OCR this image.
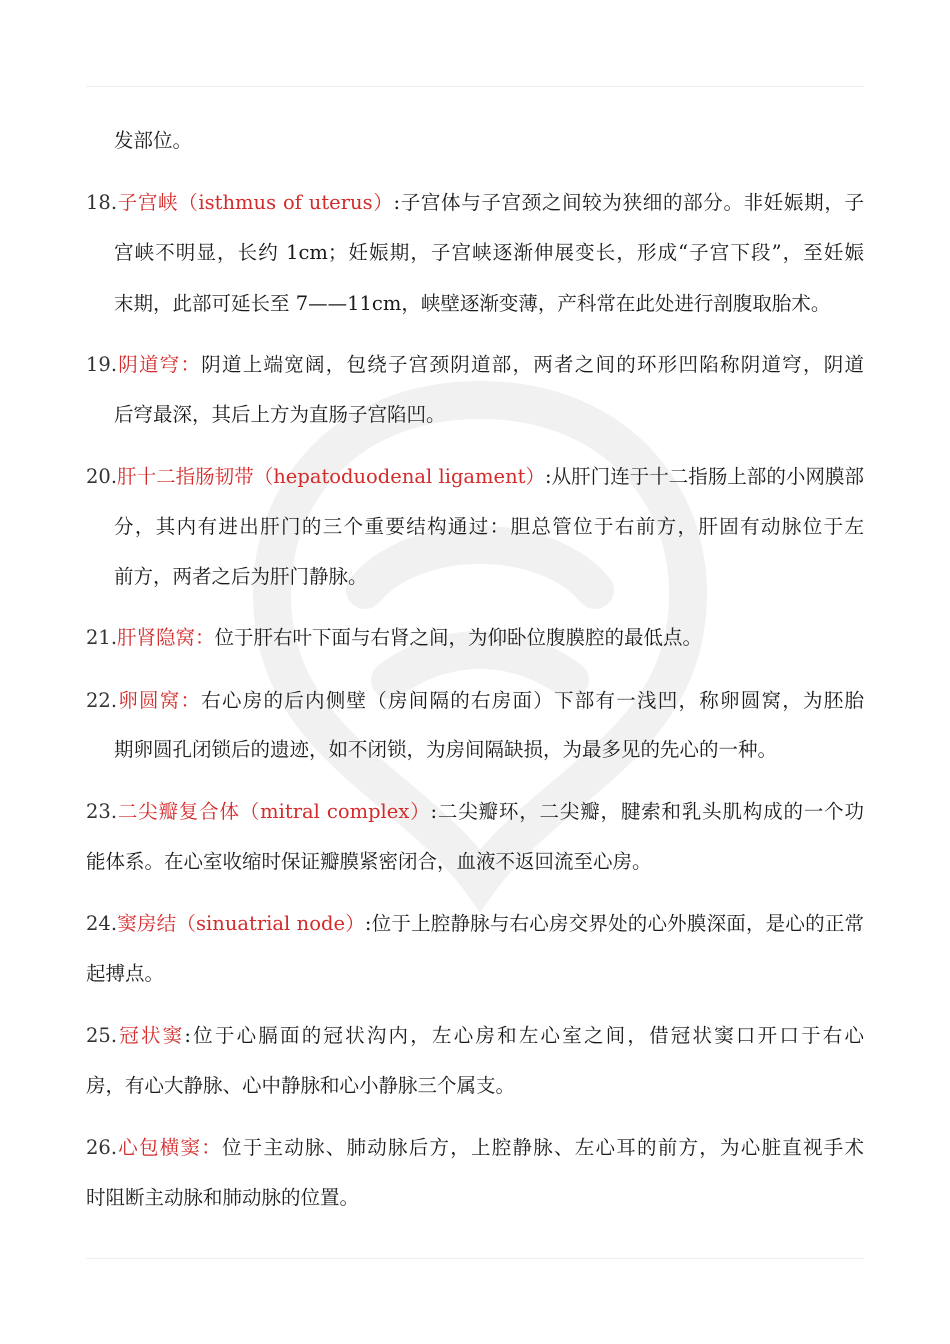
发部位。
18.子宫峡（isthmus of uterus）:子宫体与子宫颈之间较为狭细的部分。非妊娠期，子
宫峡不明显，长约 1cm；妊娠期，子宫峡逐渐伸展变长，形成“子宫下段”，至妊娠
末期，此部可延长至 7——11cm，峡壁逐渐变薄，产科常在此处进行剖腹取胎术。
19.阴道穹：阴道上端宽阔，包绕子宫颈阴道部，两者之间的环形凹陷称阴道穹，阴道
后穹最深，其后上方为直肠子宫陷凹。
20.肝十二指肠韧带（hepatoduodenal ligament）:从肝门连于十二指肠上部的小网膜部
分，其内有进出肝门的三个重要结构通过：胆总管位于右前方，肝固有动脉位于左
前方，两者之后为肝门静脉。
21.肝肾隐窝：位于肝右叶下面与右肾之间，为仰卧位腹膜腔的最低点。
22.卵圆窝：右心房的后内侧壁（房间隔的右房面）下部有一浅凹，称卵圆窝，为胚胎
期卵圆孔闭锁后的遗迹，如不闭锁，为房间隔缺损，为最多见的先心的一种。
23.二尖瓣复合体（mitral complex）:二尖瓣环，二尖瓣，腱索和乳头肌构成的一个功
能体系。在心室收缩时保证瓣膜紧密闭合，血液不返回流至心房。
24.窦房结（sinuatrial node）:位于上腔静脉与右心房交界处的心外膜深面，是心的正常
起搏点。
25.冠状窦:位于心膈面的冠状沟内，左心房和左心室之间，借冠状窦口开口于右心
房，有心大静脉、心中静脉和心小静脉三个属支。
26.心包横窦：位于主动脉、肺动脉后方，上腔静脉、左心耳的前方，为心脏直视手术
时阻断主动脉和肺动脉的位置。
